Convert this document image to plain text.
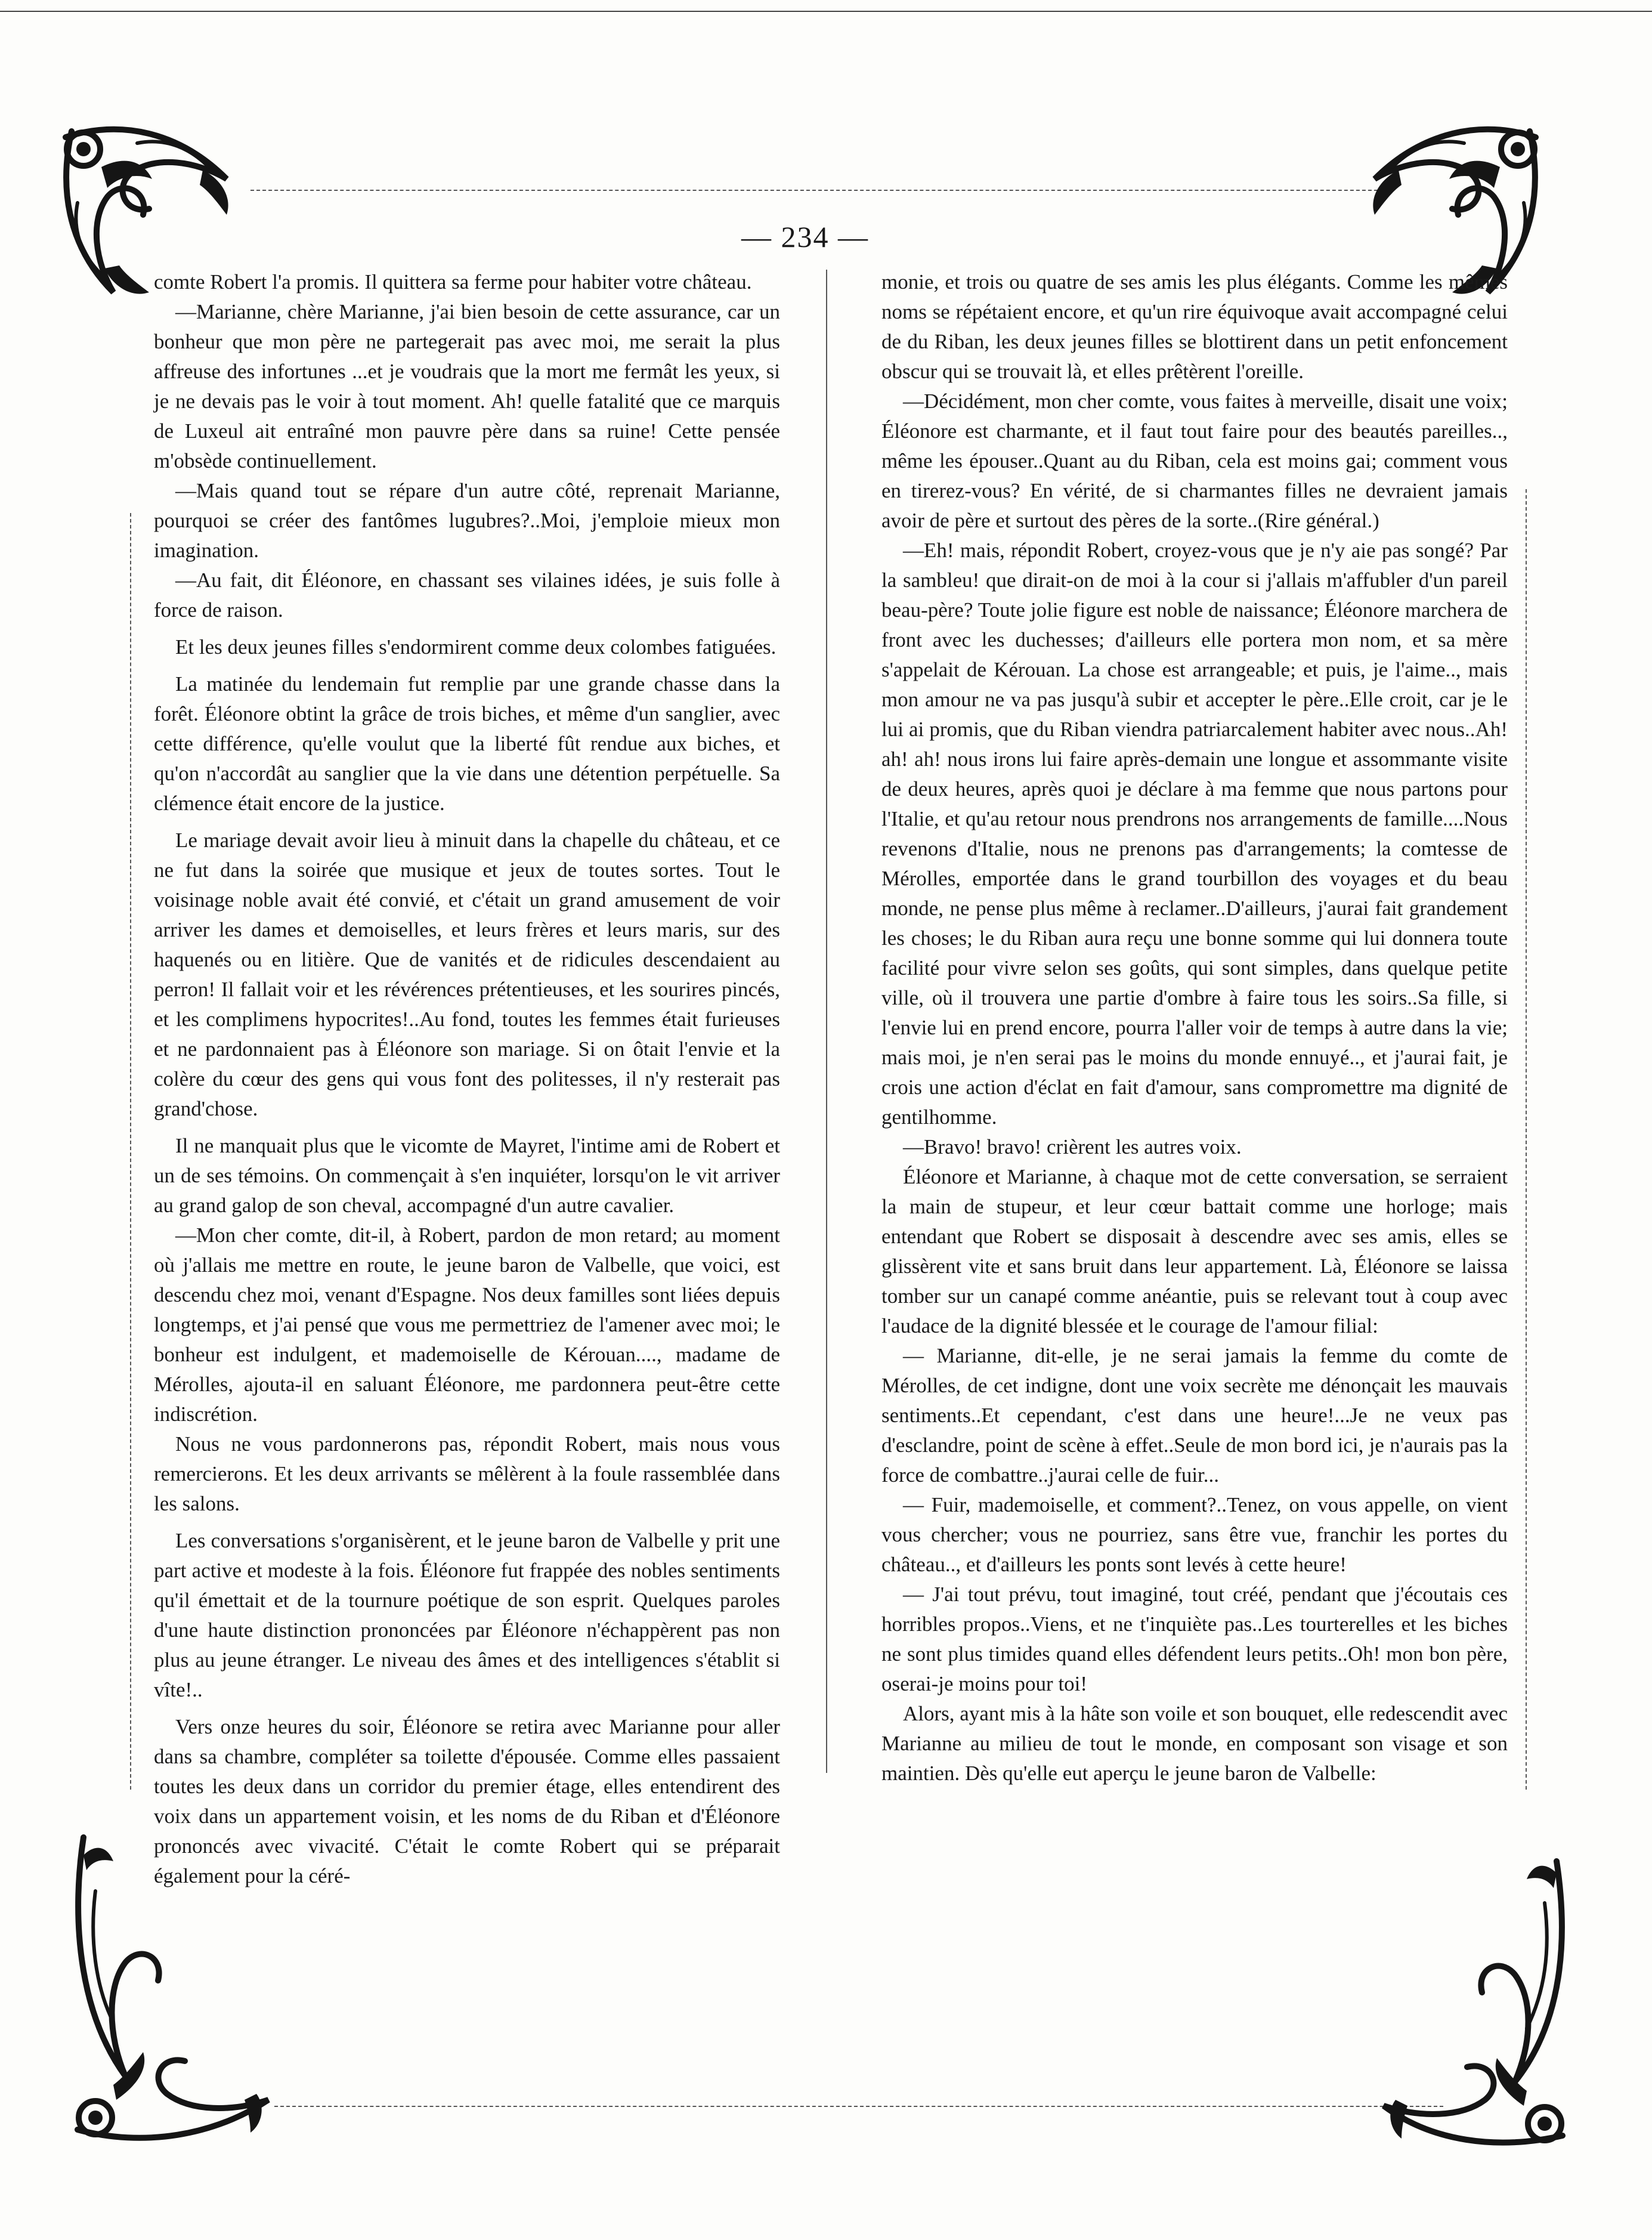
— 234 —

comte Robert l'a promis. Il quittera sa ferme pour habiter votre château.

—Marianne, chère Marianne, j'ai bien besoin de cette assurance, car un bonheur que mon père ne partegerait pas avec moi, me serait la plus affreuse des infortunes ...et je voudrais que la mort me fermât les yeux, si je ne devais pas le voir à tout moment. Ah! quelle fatalité que ce marquis de Luxeul ait entraîné mon pauvre père dans sa ruine! Cette pensée m'obsède continuellement.

—Mais quand tout se répare d'un autre côté, reprenait Marianne, pourquoi se créer des fantômes lugubres?..Moi, j'emploie mieux mon imagination.

—Au fait, dit Éléonore, en chassant ses vilaines idées, je suis folle à force de raison.

Et les deux jeunes filles s'endormirent comme deux colombes fatiguées.

La matinée du lendemain fut remplie par une grande chasse dans la forêt. Éléonore obtint la grâce de trois biches, et même d'un sanglier, avec cette différence, qu'elle voulut que la liberté fût rendue aux biches, et qu'on n'accordât au sanglier que la vie dans une détention perpétuelle. Sa clémence était encore de la justice.

Le mariage devait avoir lieu à minuit dans la chapelle du château, et ce ne fut dans la soirée que musique et jeux de toutes sortes. Tout le voisinage noble avait été convié, et c'était un grand amusement de voir arriver les dames et demoiselles, et leurs frères et leurs maris, sur des haquenés ou en litière. Que de vanités et de ridicules descendaient au perron! Il fallait voir et les révérences prétentieuses, et les sourires pincés, et les complimens hypocrites!..Au fond, toutes les femmes était furieuses et ne pardonnaient pas à Éléonore son mariage. Si on ôtait l'envie et la colère du cœur des gens qui vous font des politesses, il n'y resterait pas grand'chose.

Il ne manquait plus que le vicomte de Mayret, l'intime ami de Robert et un de ses témoins. On commençait à s'en inquiéter, lorsqu'on le vit arriver au grand galop de son cheval, accompagné d'un autre cavalier.

—Mon cher comte, dit-il, à Robert, pardon de mon retard; au moment où j'allais me mettre en route, le jeune baron de Valbelle, que voici, est descendu chez moi, venant d'Espagne. Nos deux familles sont liées depuis longtemps, et j'ai pensé que vous me permettriez de l'amener avec moi; le bonheur est indulgent, et mademoiselle de Kérouan...., madame de Mérolles, ajouta-il en saluant Éléonore, me pardonnera peut-être cette indiscrétion.

Nous ne vous pardonnerons pas, répondit Robert, mais nous vous remercierons. Et les deux arrivants se mêlèrent à la foule rassemblée dans les salons.

Les conversations s'organisèrent, et le jeune baron de Valbelle y prit une part active et modeste à la fois. Éléonore fut frappée des nobles sentiments qu'il émettait et de la tournure poétique de son esprit. Quelques paroles d'une haute distinction prononcées par Éléonore n'échappèrent pas non plus au jeune étranger. Le niveau des âmes et des intelligences s'établit si vîte!..

Vers onze heures du soir, Éléonore se retira avec Marianne pour aller dans sa chambre, compléter sa toilette d'épousée. Comme elles passaient toutes les deux dans un corridor du premier étage, elles entendirent des voix dans un appartement voisin, et les noms de du Riban et d'Éléonore prononcés avec vivacité. C'était le comte Robert qui se préparait également pour la céré-

monie, et trois ou quatre de ses amis les plus élégants. Comme les mêmes noms se répétaient encore, et qu'un rire équivoque avait accompagné celui de du Riban, les deux jeunes filles se blottirent dans un petit enfoncement obscur qui se trouvait là, et elles prêtèrent l'oreille.

—Décidément, mon cher comte, vous faites à merveille, disait une voix; Éléonore est charmante, et il faut tout faire pour des beautés pareilles.., même les épouser..Quant au du Riban, cela est moins gai; comment vous en tirerez-vous? En vérité, de si charmantes filles ne devraient jamais avoir de père et surtout des pères de la sorte..(Rire général.)

—Eh! mais, répondit Robert, croyez-vous que je n'y aie pas songé? Par la sambleu! que dirait-on de moi à la cour si j'allais m'affubler d'un pareil beau-père? Toute jolie figure est noble de naissance; Éléonore marchera de front avec les duchesses; d'ailleurs elle portera mon nom, et sa mère s'appelait de Kérouan. La chose est arrangeable; et puis, je l'aime.., mais mon amour ne va pas jusqu'à subir et accepter le père..Elle croit, car je le lui ai promis, que du Riban viendra patriarcalement habiter avec nous..Ah! ah! ah! nous irons lui faire après-demain une longue et assommante visite de deux heures, après quoi je déclare à ma femme que nous partons pour l'Italie, et qu'au retour nous prendrons nos arrangements de famille....Nous revenons d'Italie, nous ne prenons pas d'arrangements; la comtesse de Mérolles, emportée dans le grand tourbillon des voyages et du beau monde, ne pense plus même à reclamer..D'ailleurs, j'aurai fait grandement les choses; le du Riban aura reçu une bonne somme qui lui donnera toute facilité pour vivre selon ses goûts, qui sont simples, dans quelque petite ville, où il trouvera une partie d'ombre à faire tous les soirs..Sa fille, si l'envie lui en prend encore, pourra l'aller voir de temps à autre dans la vie; mais moi, je n'en serai pas le moins du monde ennuyé.., et j'aurai fait, je crois une action d'éclat en fait d'amour, sans compromettre ma dignité de gentilhomme.

—Bravo! bravo! crièrent les autres voix.

Éléonore et Marianne, à chaque mot de cette conversation, se serraient la main de stupeur, et leur cœur battait comme une horloge; mais entendant que Robert se disposait à descendre avec ses amis, elles se glissèrent vite et sans bruit dans leur appartement. Là, Éléonore se laissa tomber sur un canapé comme anéantie, puis se relevant tout à coup avec l'audace de la dignité blessée et le courage de l'amour filial:

— Marianne, dit-elle, je ne serai jamais la femme du comte de Mérolles, de cet indigne, dont une voix secrète me dénonçait les mauvais sentiments..Et cependant, c'est dans une heure!...Je ne veux pas d'esclandre, point de scène à effet..Seule de mon bord ici, je n'aurais pas la force de combattre..j'aurai celle de fuir...

— Fuir, mademoiselle, et comment?..Tenez, on vous appelle, on vient vous chercher; vous ne pourriez, sans être vue, franchir les portes du château.., et d'ailleurs les ponts sont levés à cette heure!

— J'ai tout prévu, tout imaginé, tout créé, pendant que j'écoutais ces horribles propos..Viens, et ne t'inquiète pas..Les tourterelles et les biches ne sont plus timides quand elles défendent leurs petits..Oh! mon bon père, oserai-je moins pour toi!

Alors, ayant mis à la hâte son voile et son bouquet, elle redescendit avec Marianne au milieu de tout le monde, en composant son visage et son maintien. Dès qu'elle eut aperçu le jeune baron de Valbelle:
